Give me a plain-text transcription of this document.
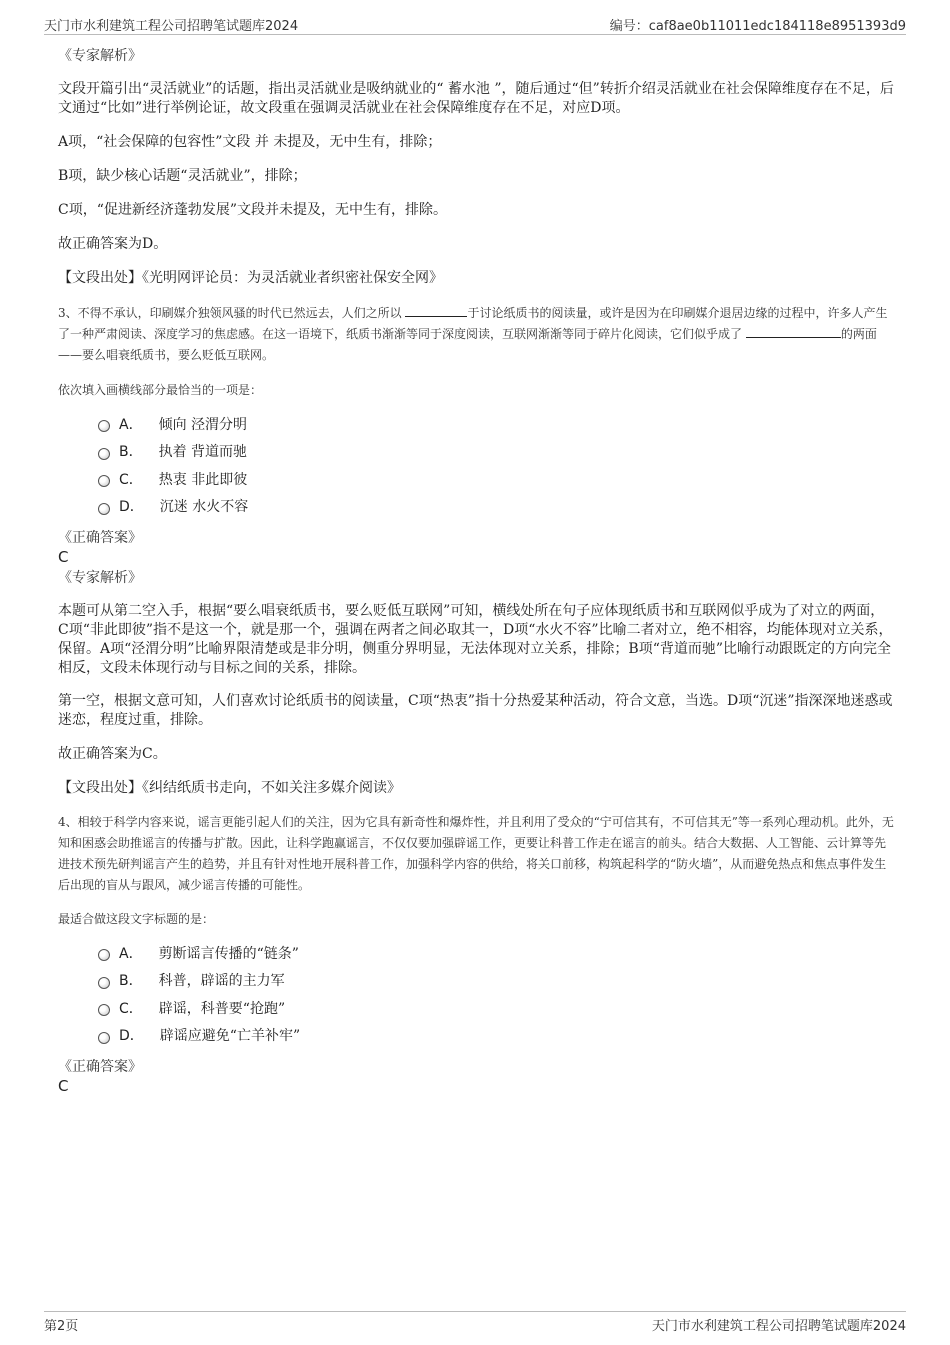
天门市水利建筑工程公司招聘笔试题库2024	编号：caf8ae0b11011edc184118e8951393d9
《专家解析》

文段开篇引出“灵活就业”的话题，指出灵活就业是吸纳就业的“ 蓄水池 ”，随后通过“但”转折介绍灵活就业在社会保障维度存在不足，后文通过“比如”进行举例论证，故文段重在强调灵活就业在社会保障维度存在不足，对应D项。

A项，“社会保障的包容性”文段 并 未提及，无中生有，排除；

B项，缺少核心话题“灵活就业”，排除；

C项，“促进新经济蓬勃发展”文段并未提及，无中生有，排除。

故正确答案为D。

【文段出处】《光明网评论员：为灵活就业者织密社保安全网》

3、不得不承认，印刷媒介独领风骚的时代已然远去，人们之所以	于讨论纸质书的阅读量，或许是因为在印刷媒介退居边缘的过程中，许多人产生了一种严肃阅读、深度学习的焦虑感。在这一语境下，纸质书渐渐等同于深度阅读，互联网渐渐等同于碎片化阅读，它们似乎成了	的两面——要么唱衰纸质书，要么贬低互联网。

依次填入画横线部分最恰当的一项是：

A． 倾向 泾渭分明
B． 执着 背道而驰
C． 热衷 非此即彼
D． 沉迷 水火不容
《正确答案》
C
《专家解析》

本题可从第二空入手，根据“要么唱衰纸质书，要么贬低互联网”可知，横线处所在句子应体现纸质书和互联网似乎成为了对立的两面，C项“非此即彼”指不是这一个，就是那一个，强调在两者之间必取其一，D项“水火不容”比喻二者对立，绝不相容，均能体现对立关系，保留。A项“泾渭分明”比喻界限清楚或是非分明，侧重分界明显，无法体现对立关系，排除；B项“背道而驰”比喻行动跟既定的方向完全相反，文段未体现行动与目标之间的关系，排除。

第一空，根据文意可知，人们喜欢讨论纸质书的阅读量，C项“热衷”指十分热爱某种活动，符合文意，当选。D项“沉迷”指深深地迷惑或迷恋，程度过重，排除。

故正确答案为C。

【文段出处】《纠结纸质书走向，不如关注多媒介阅读》

4、相较于科学内容来说，谣言更能引起人们的关注，因为它具有新奇性和爆炸性，并且利用了受众的“宁可信其有，不可信其无”等一系列心理动机。此外，无知和困惑会助推谣言的传播与扩散。因此，让科学跑赢谣言，不仅仅要加强辟谣工作，更要让科普工作走在谣言的前头。结合大数据、人工智能、云计算等先进技术预先研判谣言产生的趋势，并且有针对性地开展科普工作，加强科学内容的供给，将关口前移，构筑起科学的“防火墙”，从而避免热点和焦点事件发生后出现的盲从与跟风，减少谣言传播的可能性。

最适合做这段文字标题的是：

A． 剪断谣言传播的“链条”
B． 科普，辟谣的主力军
C． 辟谣，科普要“抢跑”
D． 辟谣应避免“亡羊补牢”
《正确答案》
C
第2页	天门市水利建筑工程公司招聘笔试题库2024
